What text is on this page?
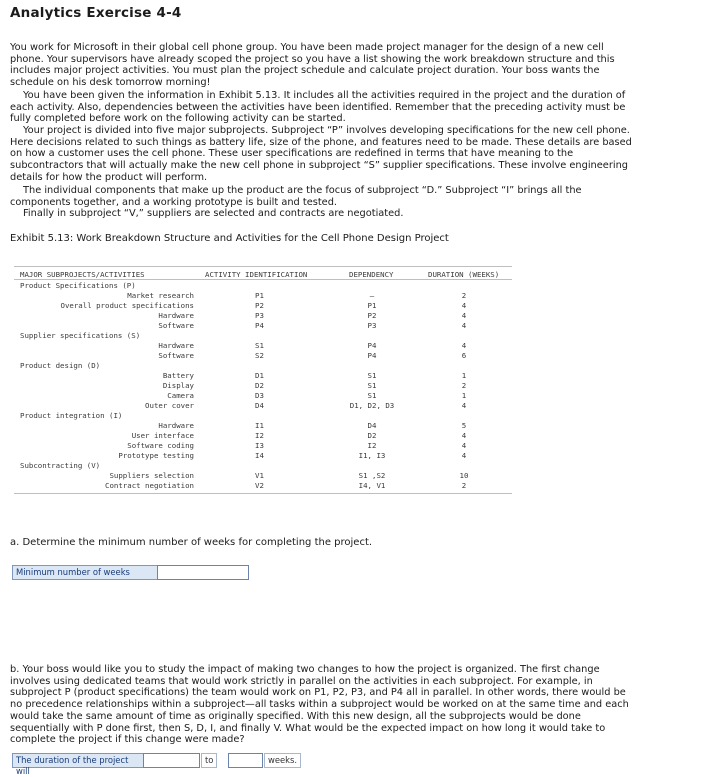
Analytics Exercise 4-4

You work for Microsoft in their global cell phone group. You have been made project manager for the design of a new cell phone. Your supervisors have already scoped the project so you have a list showing the work breakdown structure and this includes major project activities. You must plan the project schedule and calculate project duration. Your boss wants the schedule on his desk tomorrow morning!

You have been given the information in Exhibit 5.13. It includes all the activities required in the project and the duration of each activity. Also, dependencies between the activities have been identified. Remember that the preceding activity must be fully completed before work on the following activity can be started.

Your project is divided into five major subprojects. Subproject “P” involves developing specifications for the new cell phone. Here decisions related to such things as battery life, size of the phone, and features need to be made. These details are based on how a customer uses the cell phone. These user specifications are redefined in terms that have meaning to the subcontractors that will actually make the new cell phone in subproject “S” supplier specifications. These involve engineering details for how the product will perform.

The individual components that make up the product are the focus of subproject “D.” Subproject “I” brings all the components together, and a working prototype is built and tested.

Finally in subproject “V,” suppliers are selected and contracts are negotiated.

Exhibit 5.13: Work Breakdown Structure and Activities for the Cell Phone Design Project
MAJOR SUBPROJECTS/ACTIVITIES	ACTIVITY IDENTIFICATION	DEPENDENCY	DURATION (WEEKS)
Product Specifications (P)
Market research	P1	—	2
Overall product specifications	P2	P1	4
Hardware	P3	P2	4
Software	P4	P3	4
Supplier specifications (S)
Hardware	S1	P4	4
Software	S2	P4	6
Product design (D)
Battery	D1	S1	1
Display	D2	S1	2
Camera	D3	S1	1
Outer cover	D4	D1, D2, D3	4
Product integration (I)
Hardware	I1	D4	5
User interface	I2	D2	4
Software coding	I3	I2	4
Prototype testing	I4	I1, I3	4
Subcontracting (V)
Suppliers selection	V1	S1 ,S2	10
Contract negotiation	V2	I4, V1	2
a. Determine the minimum number of weeks for completing the project.
Minimum number of weeks

b. Your boss would like you to study the impact of making two changes to how the project is organized. The first change involves using dedicated teams that would work strictly in parallel on the activities in each subproject. For example, in subproject P (product specifications) the team would work on P1, P2, P3, and P4 all in parallel. In other words, there would be no precedence relationships within a subproject—all tasks within a subproject would be worked on at the same time and each would take the same amount of time as originally specified. With this new design, all the subprojects would be done sequentially with P done first, then S, D, I, and finally V. What would be the expected impact on how long it would take to complete the project if this change were made?

The duration of the project will
to	weeks.
